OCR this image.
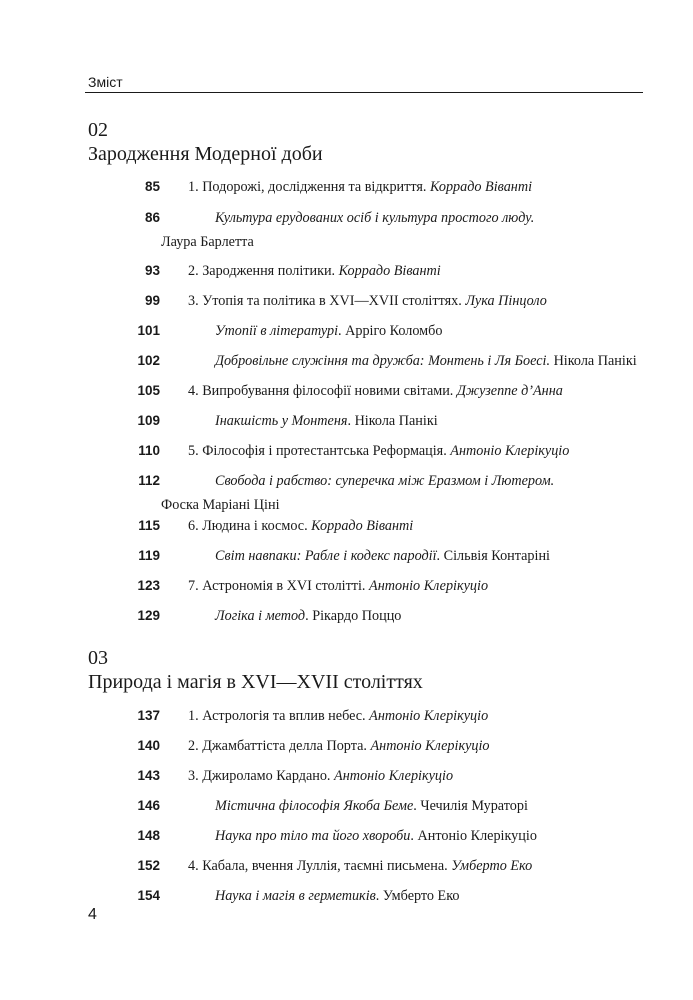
Зміст
02
Зародження Модерної доби
85 1. Подорожі, дослідження та відкриття. Коррадо Віванті
86	Культура ерудованих осіб і культура простого люду.
Лаура Барлетта
93 2. Зародження політики. Коррадо Віванті
99 3. Утопія та політика в XVI—XVII століттях. Лука Пінцоло
101	Утопії в літературі. Арріго Коломбо
102	Добровільне служіння та дружба: Монтень і Ля Боесі. Нікола Панікі
105 4. Випробування філософії новими світами. Джузеппе д’Анна
109	Інакшість у Монтеня. Нікола Панікі
110 5. Філософія і протестантська Реформація. Антоніо Клерікуціо
112	Свобода і рабство: суперечка між Еразмом і Лютером.
Фоска Маріані Ціні
115 6. Людина і космос. Коррадо Віванті
119	Світ навпаки: Рабле і кодекс пародії. Сільвія Контаріні
123 7. Астрономія в XVI столітті. Антоніо Клерікуціо
129	Логіка і метод. Рікардо Поццо
03
Природа і магія в XVI—XVII століттях
137 1. Астрологія та вплив небес. Антоніо Клерікуціо
140 2. Джамбаттіста делла Порта. Антоніо Клерікуціо
143 3. Джироламо Кардано. Антоніо Клерікуціо
146	Містична філософія Якоба Беме. Чечилія Мураторі
148	Наука про тіло та його хвороби. Антоніо Клерікуціо
152 4. Кабала, вчення Луллія, таємні письмена. Умберто Еко
154	Наука і магія в герметиків. Умберто Еко
4
